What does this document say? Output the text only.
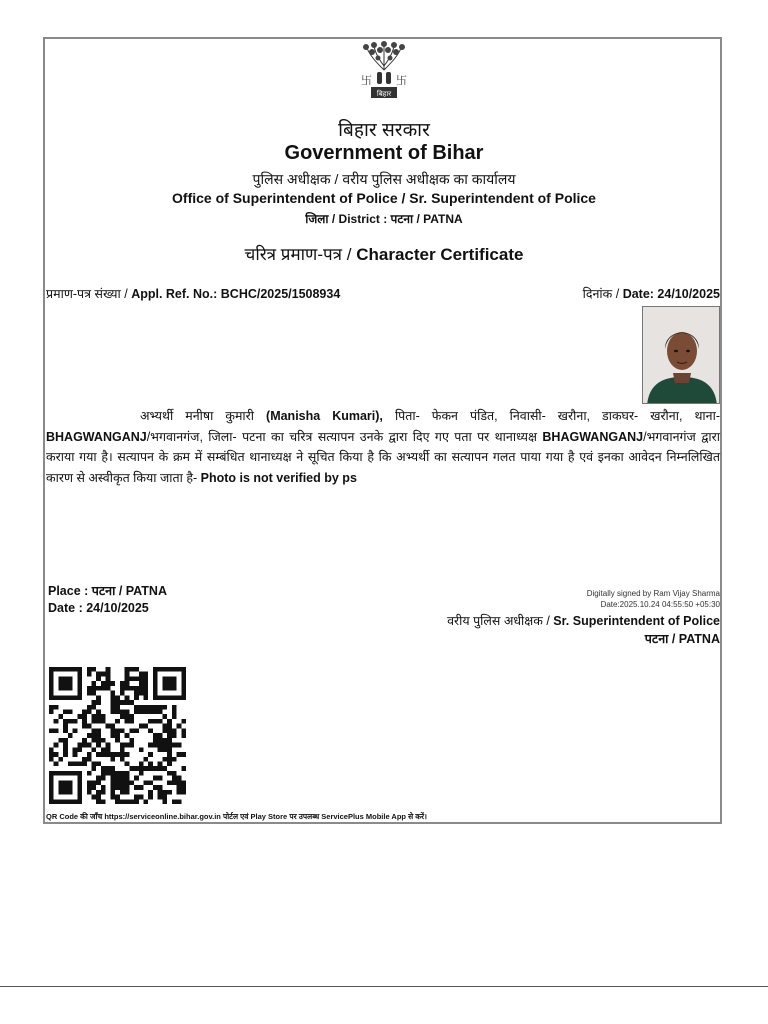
卐 卐
बिहार
बिहार सरकार
Government of Bihar
पुलिस अधीक्षक / वरीय पुलिस अधीक्षक का कार्यालय
Office of Superintendent of Police / Sr. Superintendent of Police
जिला / District : पटना / PATNA
चरित्र प्रमाण-पत्र / Character Certificate
प्रमाण-पत्र संख्या / Appl. Ref. No.: BCHC/2025/1508934	दिनांक / Date: 24/10/2025
अभ्यर्थी मनीषा कुमारी (Manisha Kumari), पिता- फेकन पंडित, निवासी- खरौना, डाकघर- खरौना, थाना- BHAGWANGANJ/भगवानगंज, जिला- पटना का चरित्र सत्यापन उनके द्वारा दिए गए पता पर थानाध्यक्ष BHAGWANGANJ/भगवानगंज द्वारा कराया गया है। सत्यापन के क्रम में सम्बंधित थानाध्यक्ष ने सूचित किया है कि अभ्यर्थी का सत्यापन गलत पाया गया है एवं इनका आवेदन निम्नलिखित कारण से अस्वीकृत किया जाता है- Photo is not verified by ps
Place : पटना / PATNA
Date : 24/10/2025
Digitally signed by Ram Vijay Sharma
Date:2025.10.24 04:55:50 +05:30
वरीय पुलिस अधीक्षक / Sr. Superintendent of Police
पटना / PATNA
QR Code की जाँच https://serviceonline.bihar.gov.in पोर्टल एवं Play Store पर उपलब्ध ServicePlus Mobile App से करें।
